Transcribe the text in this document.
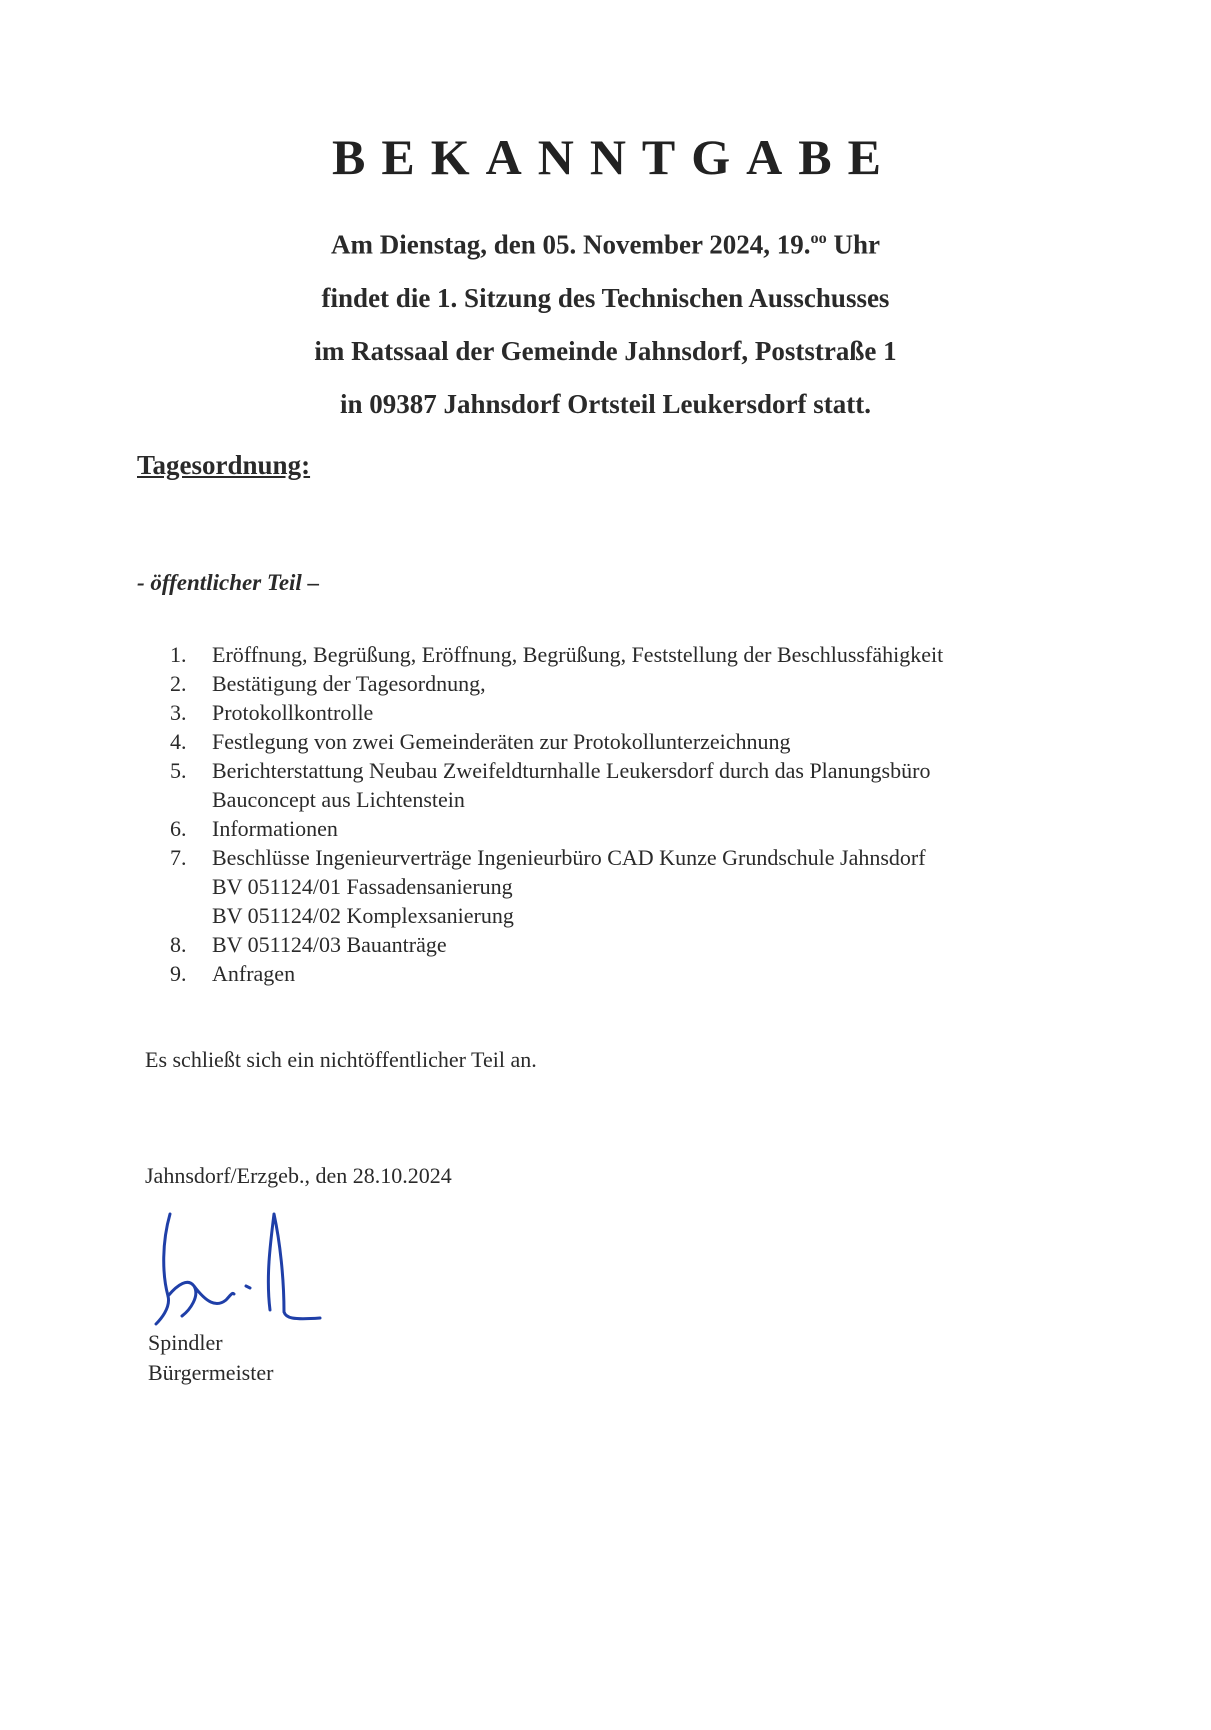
BEKANNTGABE
Am Dienstag, den 05. November 2024, 19.$^{oo}$ Uhr
findet die 1. Sitzung des Technischen Ausschusses
im Ratssaal der Gemeinde Jahnsdorf, Poststraße 1
in 09387 Jahnsdorf Ortsteil Leukersdorf statt.
Tagesordnung:
- öffentlicher Teil –
1.	Eröffnung, Begrüßung, Eröffnung, Begrüßung, Feststellung der Beschlussfähigkeit
2.	Bestätigung der Tagesordnung,
3.	Protokollkontrolle
4.	Festlegung von zwei Gemeinderäten zur Protokollunterzeichnung
5.	Berichterstattung Neubau Zweifeldturnhalle Leukersdorf durch das Planungsbüro
Bauconcept aus Lichtenstein
6.	Informationen
7.	Beschlüsse Ingenieurverträge Ingenieurbüro CAD Kunze Grundschule Jahnsdorf
BV 051124/01 Fassadensanierung
BV 051124/02 Komplexsanierung
8.	BV 051124/03 Bauanträge
9.	Anfragen
Es schließt sich ein nichtöffentlicher Teil an.
Jahnsdorf/Erzgeb., den 28.10.2024
Spindler
Bürgermeister
